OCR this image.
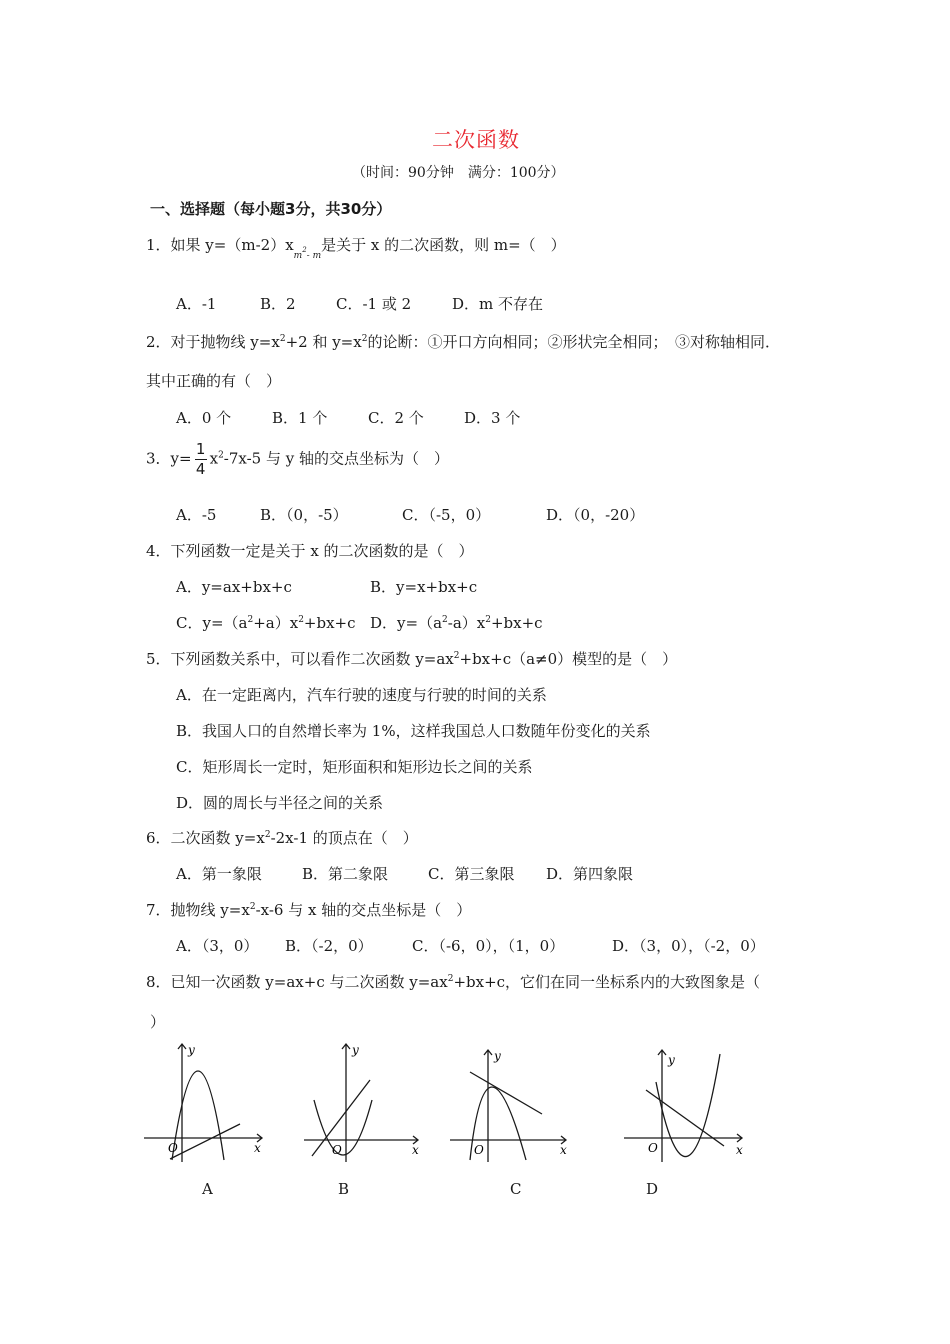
二次函数
（时间：90分钟　满分：100分）
一、选择题（每小题3分，共30分）
1．如果 $y=(m-2)x_{m^2- m}$是关于 x 的二次函数，则 m=（　）
A．-1	B．2	C．-1 或 2	D．m 不存在
2．对于抛物线 $y=x^2+2$ 和 $y=x^2$的论断：①开口方向相同；②形状完全相同；　③对称轴相同．
其中正确的有（　）
A．0 个	B．1 个	C．2 个	D．3 个
3．$y= \frac{1}{4} x^2-7x-5$ 与 y 轴的交点坐标为（　）
A．-5	B．（0，-5）	C．（-5，0）	D．（0，-20）
4．下列函数一定是关于 x 的二次函数的是（　）
A．y=ax+bx+c	B．y=x+bx+c
C．$y=(a^2+a)x^2+bx+c$ D．$y=(a^2-a)x^2+bx+c$
5．下列函数关系中，可以看作二次函数 $y=ax^2+bx+c(a\ne 0)$模型的是（　）
A．在一定距离内，汽车行驶的速度与行驶的时间的关系
B．我国人口的自然增长率为 1%，这样我国总人口数随年份变化的关系
C．矩形周长一定时，矩形面积和矩形边长之间的关系
D．圆的周长与半径之间的关系
6．二次函数 $y=x^2-2x-1$ 的顶点在（　）
A．第一象限	B．第二象限	C．第三象限 D．第四象限
7．抛物线 $y=x^2-x-6$ 与 x 轴的交点坐标是（　）
A．（3，0） B．（-2，0）	C．（-6，0），（1，0）	D．（3，0），（-2，0）
8．已知一次函数 y=ax+c 与二次函数 $y=ax^2+bx+c$，它们在同一坐标系内的大致图象是（
）
y
x
O
A
y
x
O
B
y
x
O
C
y
x
O
D
